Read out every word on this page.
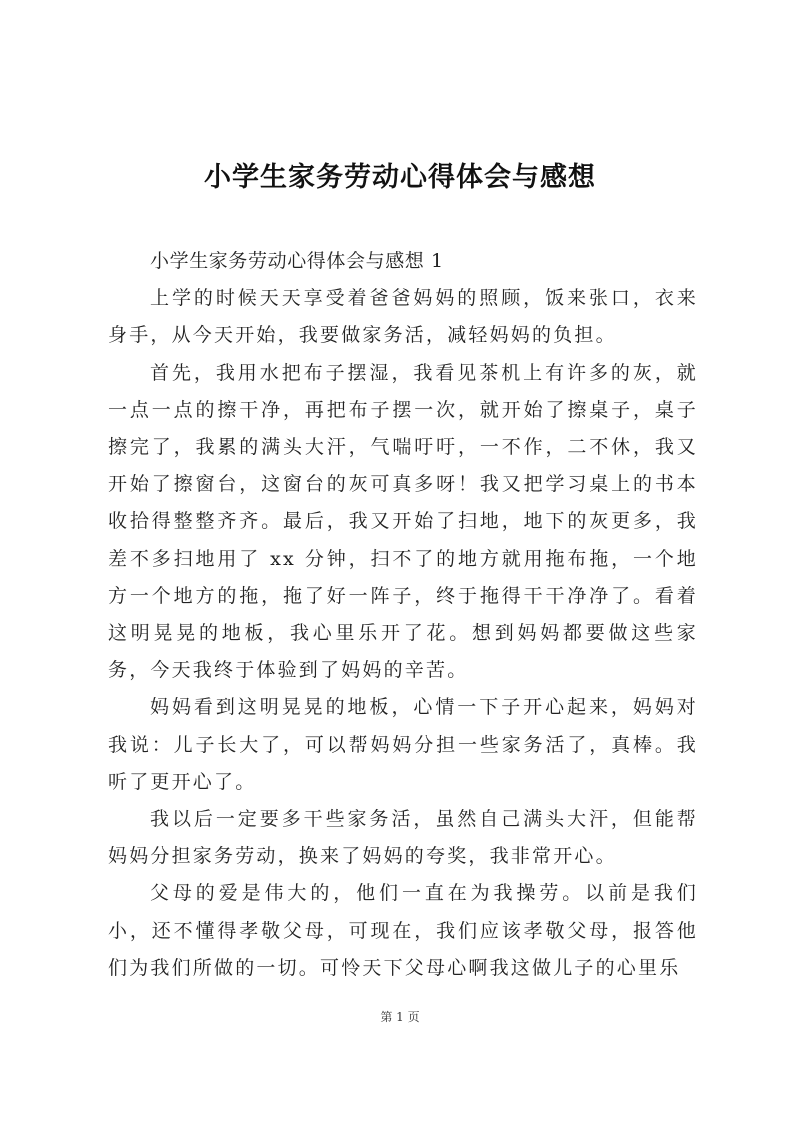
小学生家务劳动心得体会与感想

小学生家务劳动心得体会与感想 1

上学的时候天天享受着爸爸妈妈的照顾，饭来张口，衣来身手，从今天开始，我要做家务活，减轻妈妈的负担。

首先，我用水把布子摆湿，我看见茶机上有许多的灰，就一点一点的擦干净，再把布子摆一次，就开始了擦桌子，桌子擦完了，我累的满头大汗，气喘吁吁，一不作，二不休，我又开始了擦窗台，这窗台的灰可真多呀！我又把学习桌上的书本收拾得整整齐齐。最后，我又开始了扫地，地下的灰更多，我差不多扫地用了 xx 分钟，扫不了的地方就用拖布拖，一个地方一个地方的拖，拖了好一阵子，终于拖得干干净净了。看着这明晃晃的地板，我心里乐开了花。想到妈妈都要做这些家务，今天我终于体验到了妈妈的辛苦。

妈妈看到这明晃晃的地板，心情一下子开心起来，妈妈对我说：儿子长大了，可以帮妈妈分担一些家务活了，真棒。我听了更开心了。

我以后一定要多干些家务活，虽然自己满头大汗，但能帮妈妈分担家务劳动，换来了妈妈的夸奖，我非常开心。

父母的爱是伟大的，他们一直在为我操劳。以前是我们小，还不懂得孝敬父母，可现在，我们应该孝敬父母，报答他们为我们所做的一切。可怜天下父母心啊我这做儿子的心里乐

第 1 页
